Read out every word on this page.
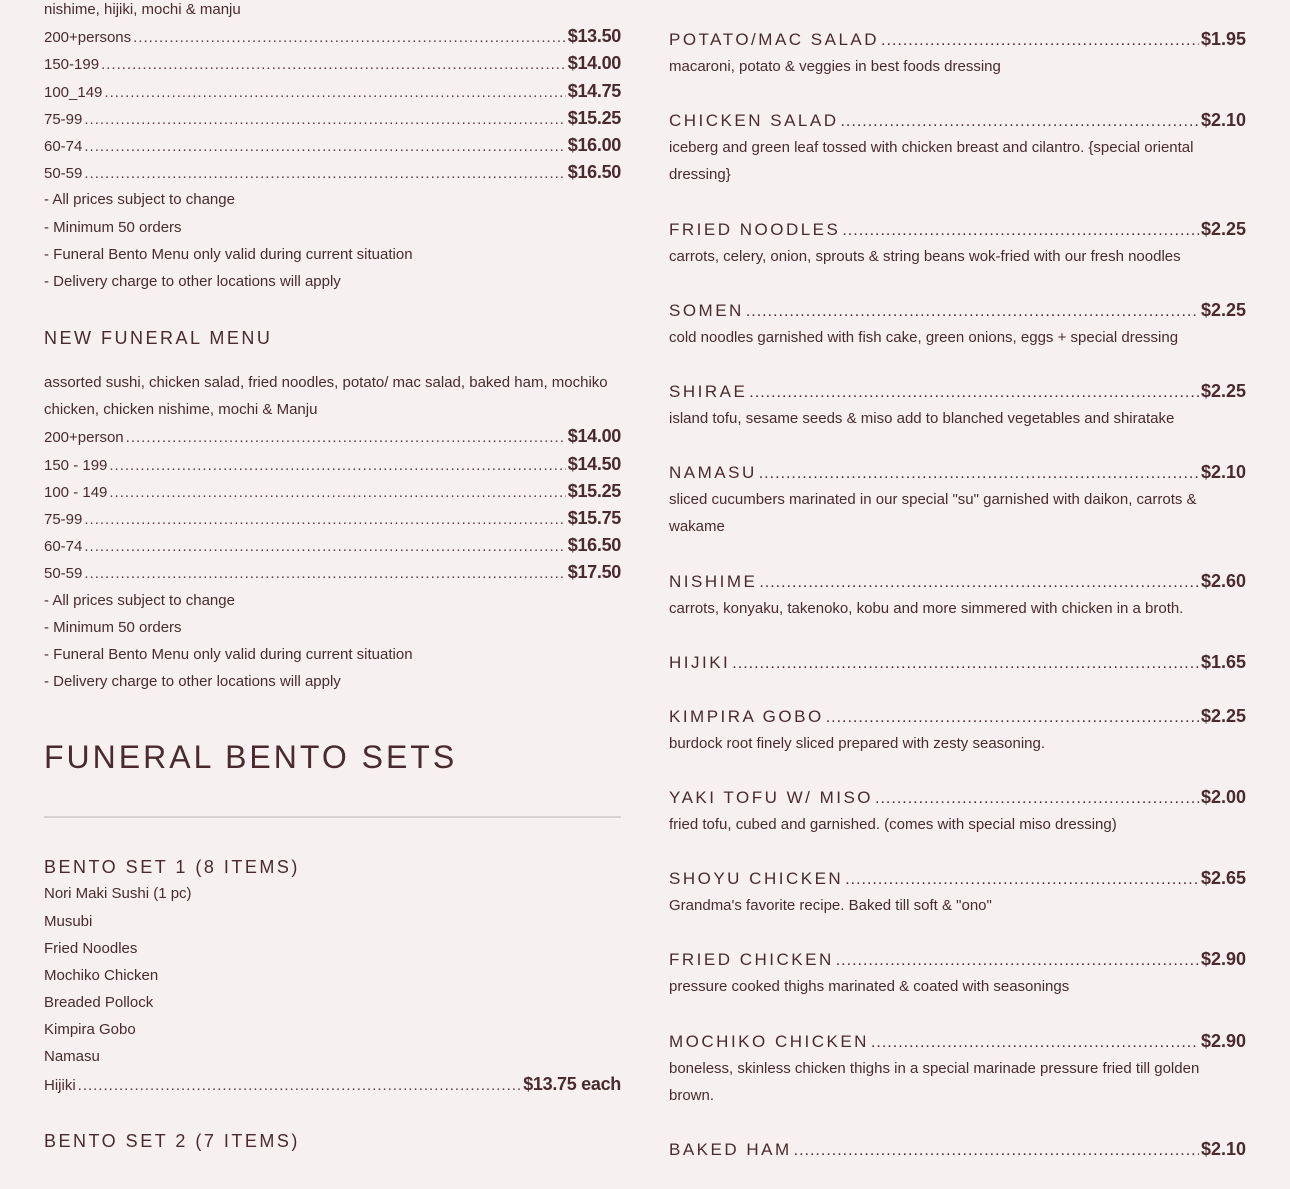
nishime, hijiki, mochi & manju
200+persons .....	$13.50
150-199 .....	$14.00
100_149 .....	$14.75
75-99 .....	$15.25
60-74 .....	$16.00
50-59 .....	$16.50
- All prices subject to change
- Minimum 50 orders
- Funeral Bento Menu only valid during current situation
- Delivery charge to other locations will apply
NEW FUNERAL MENU
assorted sushi, chicken salad, fried noodles, potato/ mac salad, baked ham, mochiko chicken, chicken nishime, mochi & Manju
200+person .....	$14.00
150 - 199 .....	$14.50
100 - 149 .....	$15.25
75-99 .....	$15.75
60-74 .....	$16.50
50-59 .....	$17.50
- All prices subject to change
- Minimum 50 orders
- Funeral Bento Menu only valid during current situation
- Delivery charge to other locations will apply
FUNERAL BENTO SETS
BENTO SET 1 (8 ITEMS)
Nori Maki Sushi (1 pc)
Musubi
Fried Noodles
Mochiko Chicken
Breaded Pollock
Kimpira Gobo
Namasu
Hijiki .....	$13.75 each
BENTO SET 2 (7 ITEMS)
POTATO/MAC SALAD .....	$1.95
macaroni, potato & veggies in best foods dressing
CHICKEN SALAD .....	$2.10
iceberg and green leaf tossed with chicken breast and cilantro. {special oriental dressing}
FRIED NOODLES .....	$2.25
carrots, celery, onion, sprouts & string beans wok-fried with our fresh noodles
SOMEN .....	$2.25
cold noodles garnished with fish cake, green onions, eggs + special dressing
SHIRAE .....	$2.25
island tofu, sesame seeds & miso add to blanched vegetables and shiratake
NAMASU .....	$2.10
sliced cucumbers marinated in our special "su" garnished with daikon, carrots & wakame
NISHIME .....	$2.60
carrots, konyaku, takenoko, kobu and more simmered with chicken in a broth.
HIJIKI .....	$1.65
KIMPIRA GOBO .....	$2.25
burdock root finely sliced prepared with zesty seasoning.
YAKI TOFU W/ MISO .....	$2.00
fried tofu, cubed and garnished. (comes with special miso dressing)
SHOYU CHICKEN .....	$2.65
Grandma's favorite recipe. Baked till soft & "ono"
FRIED CHICKEN .....	$2.90
pressure cooked thighs marinated & coated with seasonings
MOCHIKO CHICKEN .....	$2.90
boneless, skinless chicken thighs in a special marinade pressure fried till golden brown.
BAKED HAM .....	$2.10
